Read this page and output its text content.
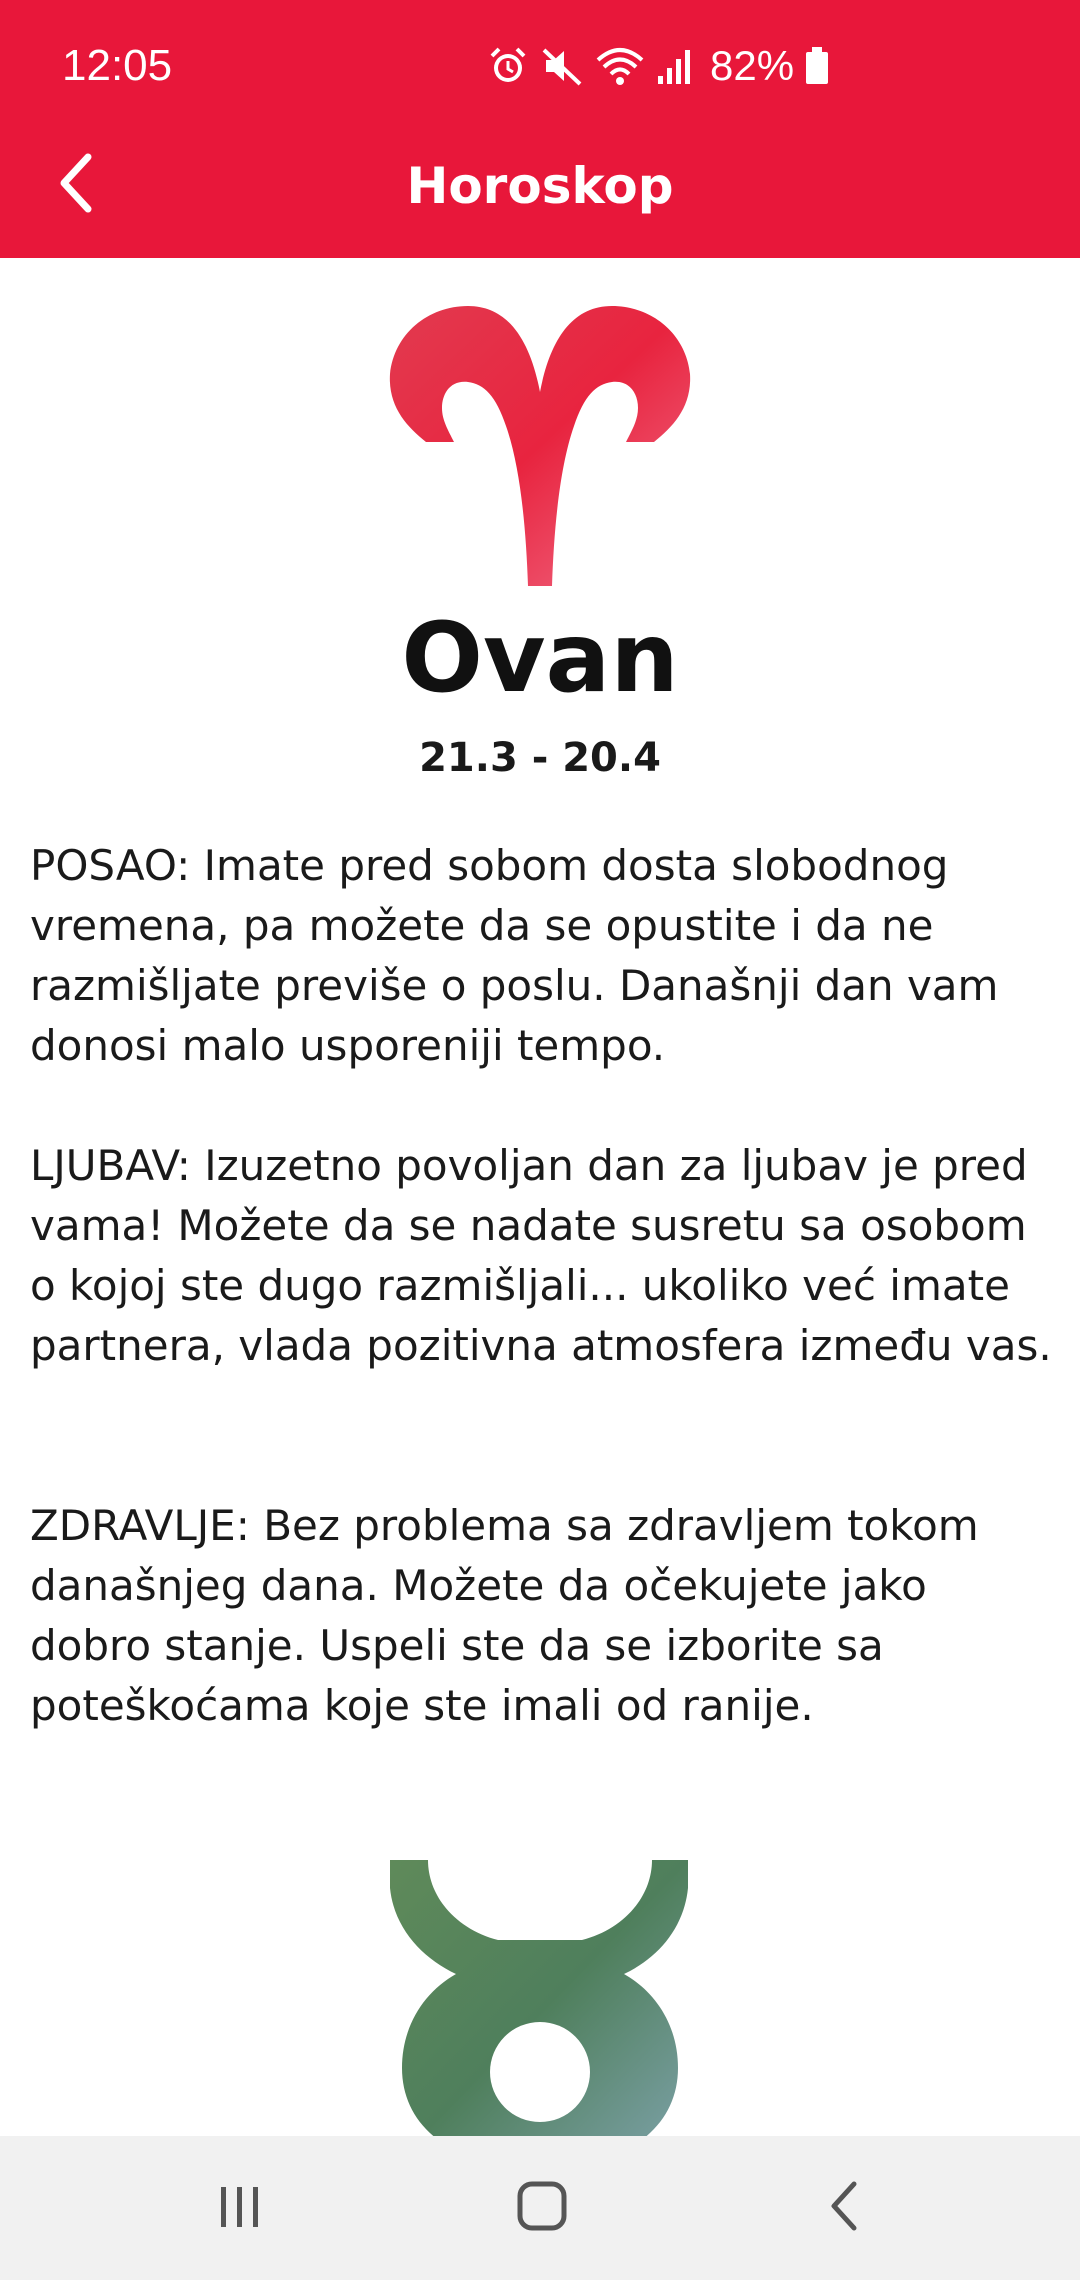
12:05	82%
Horoskop
Ovan
21.3 - 20.4

POSAO: Imate pred sobom dosta slobodnog vremena, pa možete da se opustite i da ne razmišljate previše o poslu. Današnji dan vam donosi malo usporeniji tempo.

LJUBAV: Izuzetno povoljan dan za ljubav je pred vama! Možete da se nadate susretu sa osobom o kojoj ste dugo razmišljali... ukoliko već imate partnera, vlada pozitivna atmosfera između vas.

ZDRAVLJE: Bez problema sa zdravljem tokom današnjeg dana. Možete da očekujete jako dobro stanje. Uspeli ste da se izborite sa poteškoćama koje ste imali od ranije.
